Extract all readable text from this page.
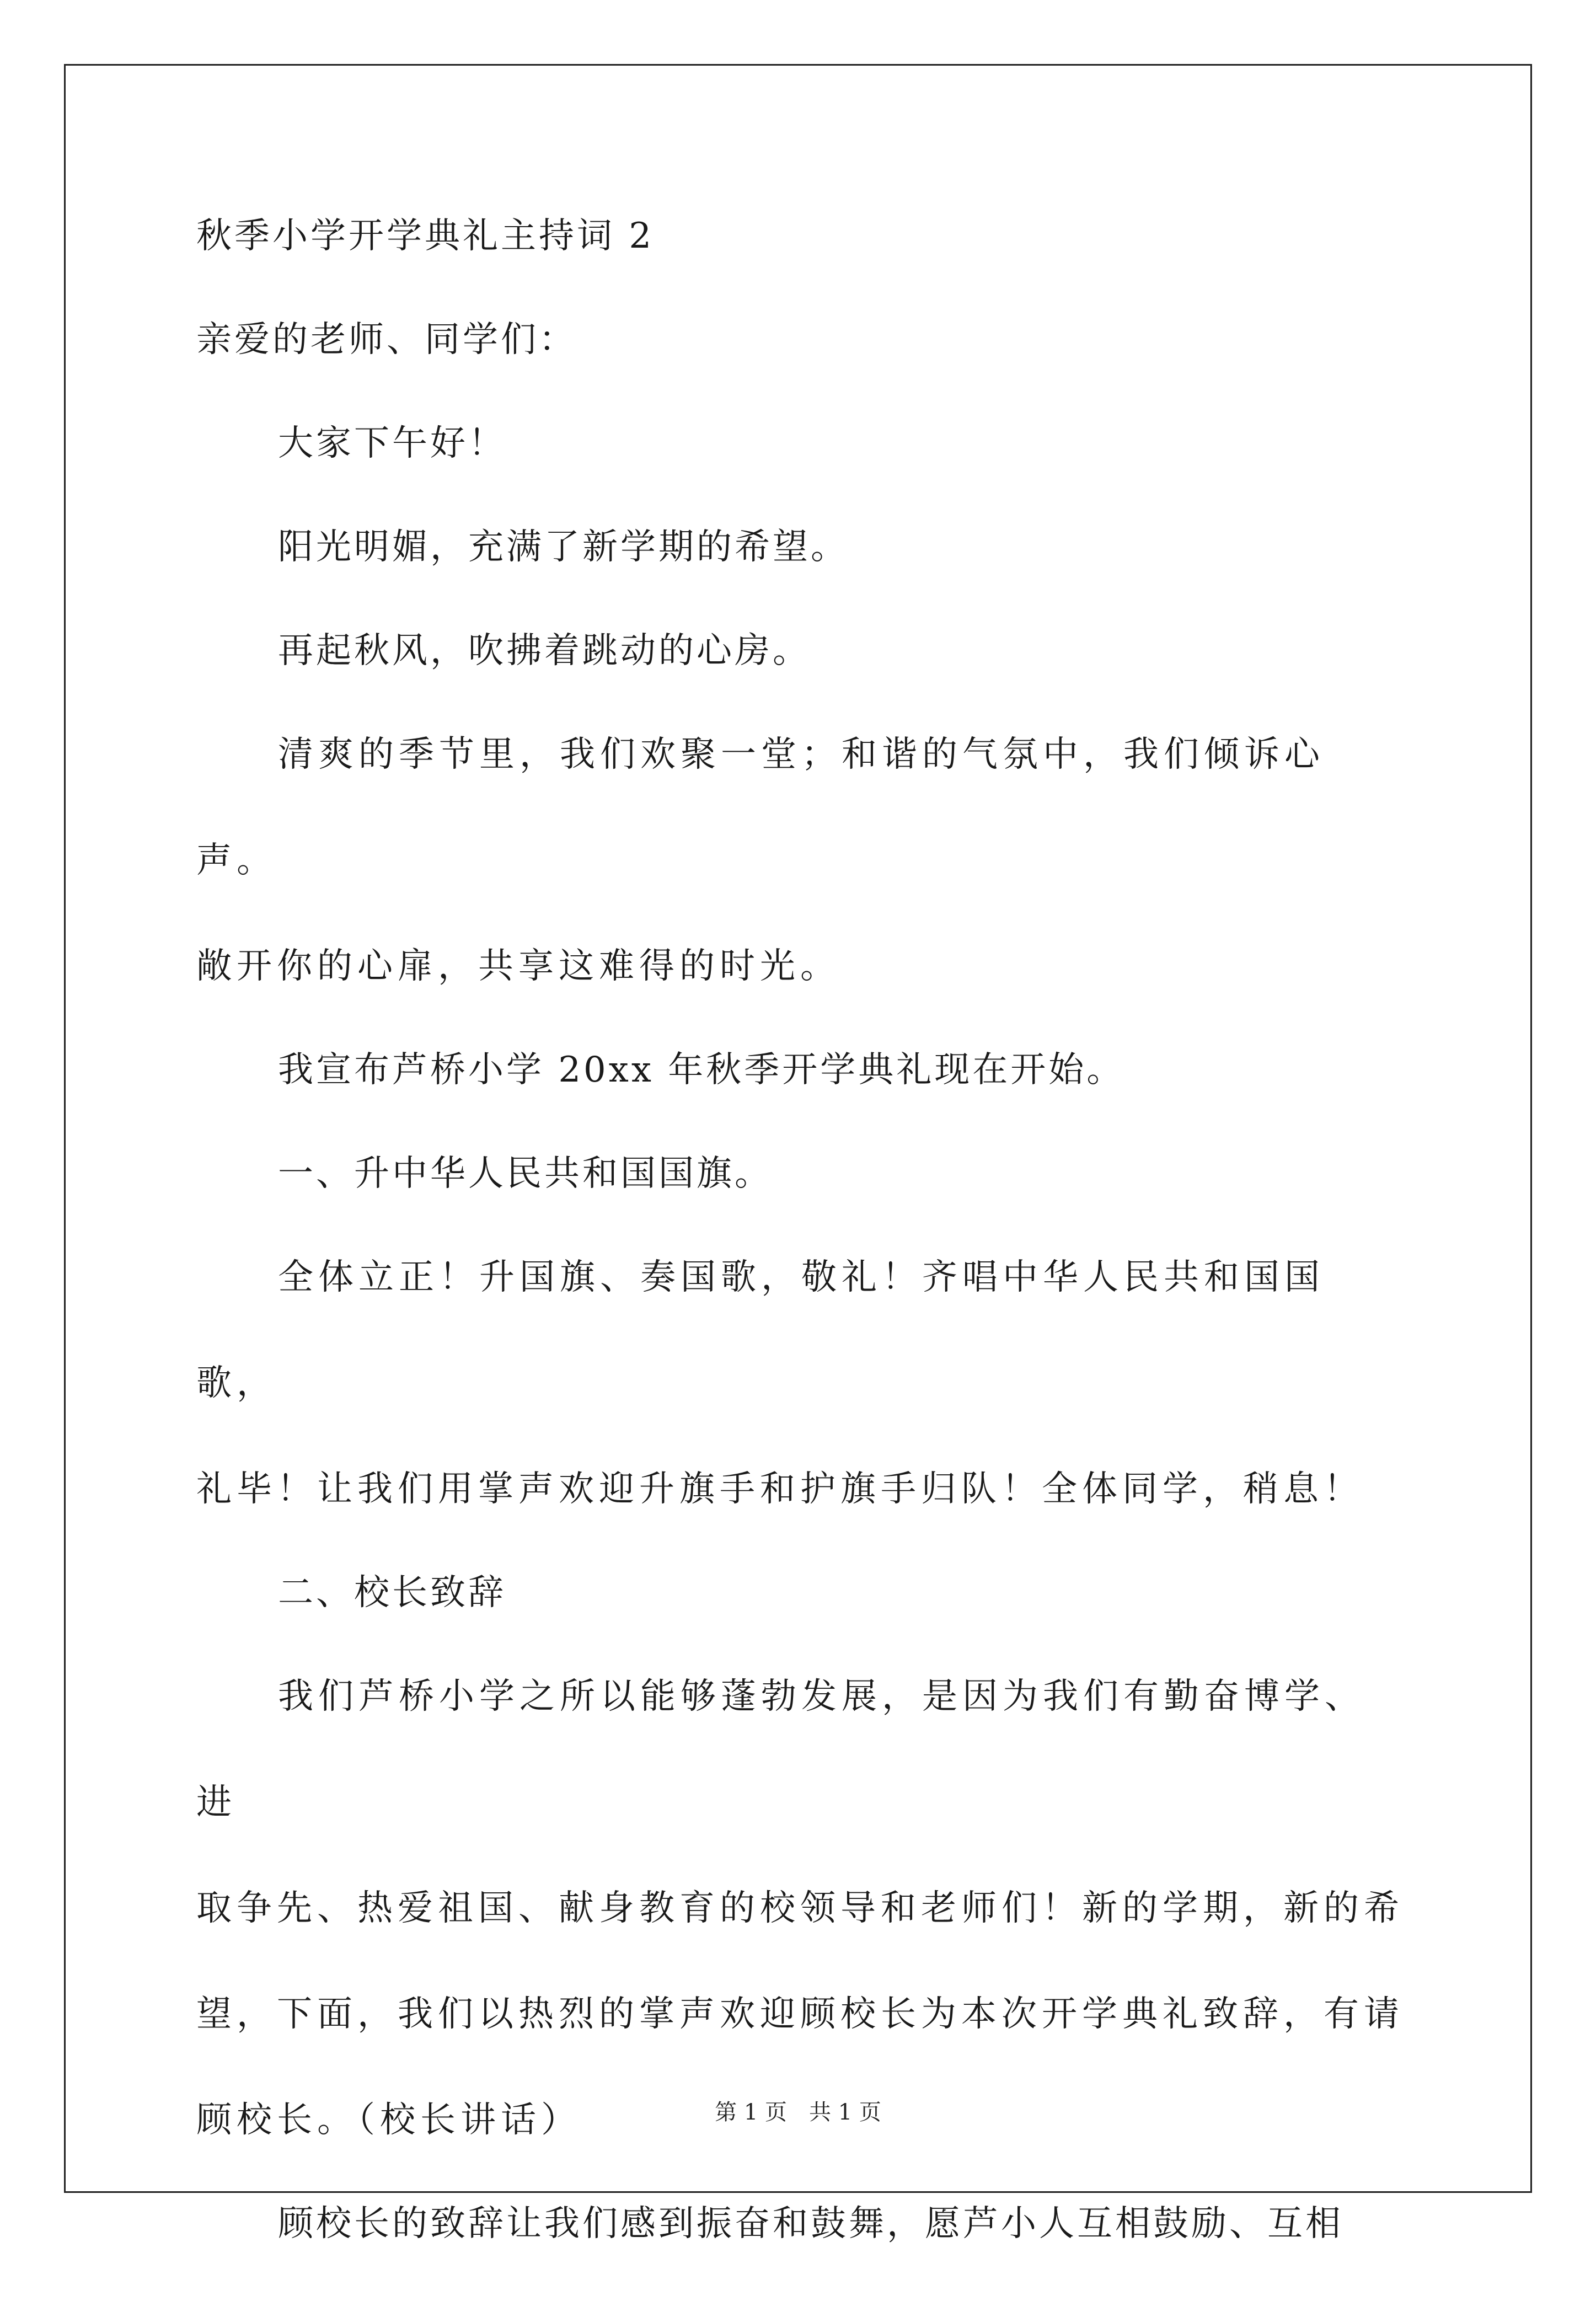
秋季小学开学典礼主持词 2

亲爱的老师、同学们：

大家下午好！
阳光明媚，充满了新学期的希望。
再起秋风，吹拂着跳动的心房。
清爽的季节里，我们欢聚一堂；和谐的气氛中，我们倾诉心声。
敞开你的心扉，共享这难得的时光。
我宣布芦桥小学 20xx 年秋季开学典礼现在开始。
一、升中华人民共和国国旗。
全体立正！升国旗、奏国歌，敬礼！齐唱中华人民共和国国歌，
礼毕！让我们用掌声欢迎升旗手和护旗手归队！全体同学，稍息！
二、校长致辞
我们芦桥小学之所以能够蓬勃发展，是因为我们有勤奋博学、进
取争先、热爱祖国、献身教育的校领导和老师们！新的学期，新的希
望，下面，我们以热烈的掌声欢迎顾校长为本次开学典礼致辞，有请
顾校长。（校长讲话）
顾校长的致辞让我们感到振奋和鼓舞，愿芦小人互相鼓励、互相
第 1 页　共 1 页
